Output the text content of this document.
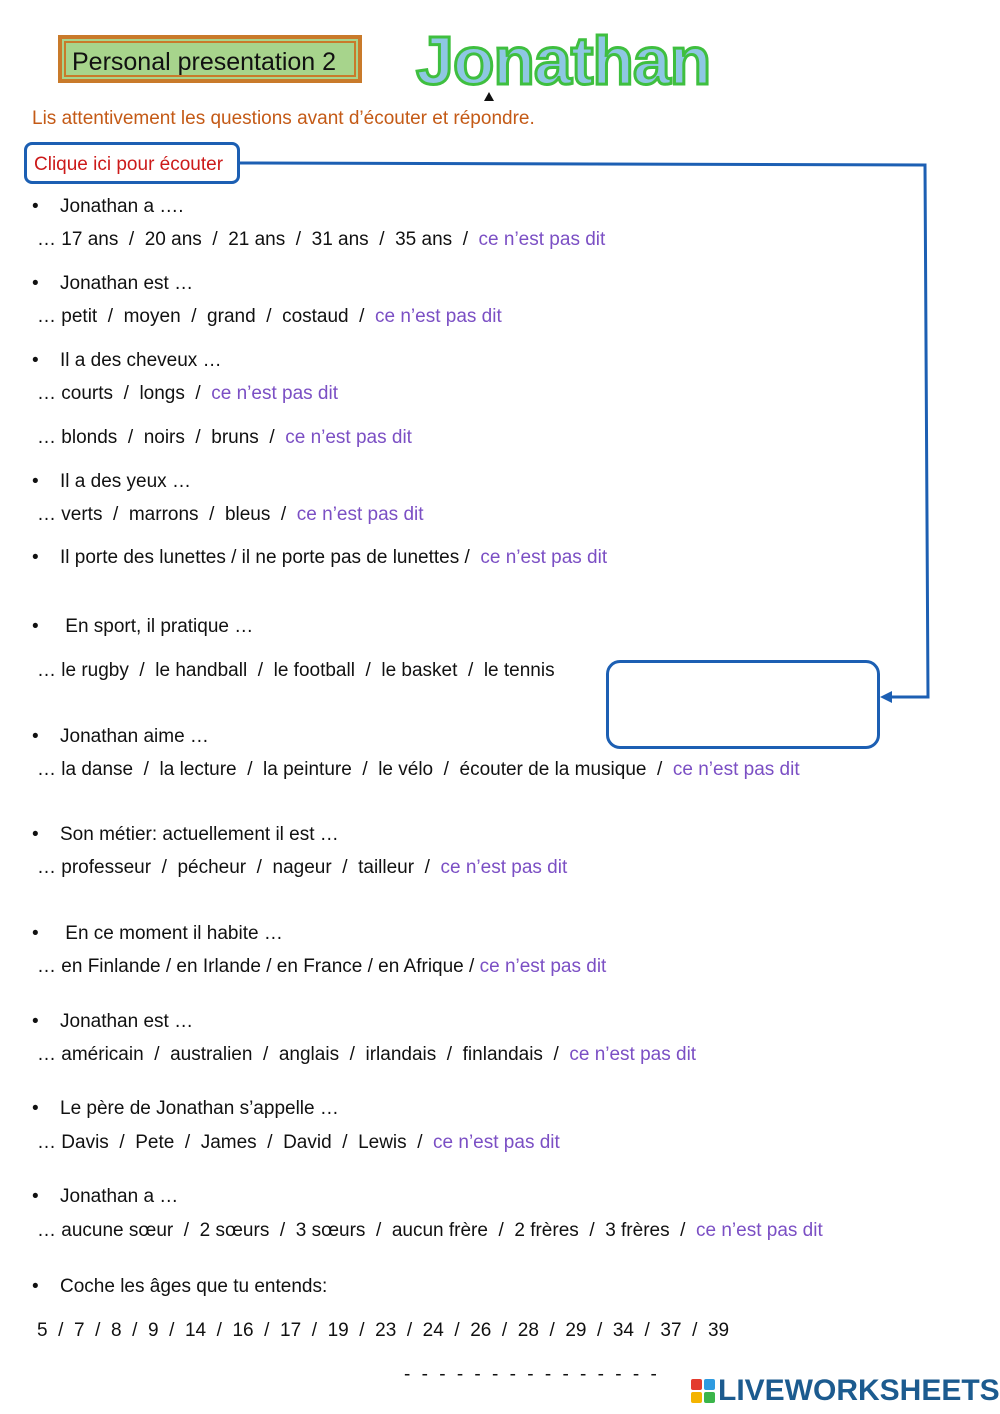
Personal presentation 2 Jonathan
Lis attentivement les questions avant d’écouter et répondre.
Clique ici pour écouter
• Jonathan a ….
… 17 ans  /  20 ans  /  21 ans  /  31 ans  /  35 ans  /  ce n’est pas dit
• Jonathan est …
… petit  /  moyen  /  grand  /  costaud  /  ce n’est pas dit
• Il a des cheveux …
… courts  /  longs  /  ce n’est pas dit
… blonds  /  noirs  /  bruns  /  ce n’est pas dit
• Il a des yeux …
… verts  /  marrons  /  bleus  /  ce n’est pas dit
• Il porte des lunettes / il ne porte pas de lunettes / ce n’est pas dit
• En sport, il pratique …
… le rugby  /  le handball  /  le football  /  le basket  /  le tennis
• Jonathan aime …
… la danse  /  la lecture  /  la peinture  /  le vélo  /  écouter de la musique  /  ce n’est pas dit
• Son métier: actuellement il est …
… professeur  /  pécheur  /  nageur  /  tailleur  /  ce n’est pas dit
• En ce moment il habite …
… en Finlande / en Irlande / en France / en Afrique / ce n’est pas dit
• Jonathan est …
… américain  /  australien  /  anglais  /  irlandais  /  finlandais  /  ce n’est pas dit
• Le père de Jonathan s’appelle …
… Davis  /  Pete  /  James  /  David  /  Lewis  /  ce n’est pas dit
• Jonathan a …
… aucune sœur  /  2 sœurs  /  3 sœurs  /  aucun frère  /  2 frères  /  3 frères  /  ce n’est pas dit
• Coche les âges que tu entends:
5  /  7  /  8  /  9  /  14  /  16  /  17  /  19  /  23  /  24  /  26  /  28  /  29  /  34  /  37  /  39
- - - - - - - - - - - - - - - LIVEWORKSHEETS
